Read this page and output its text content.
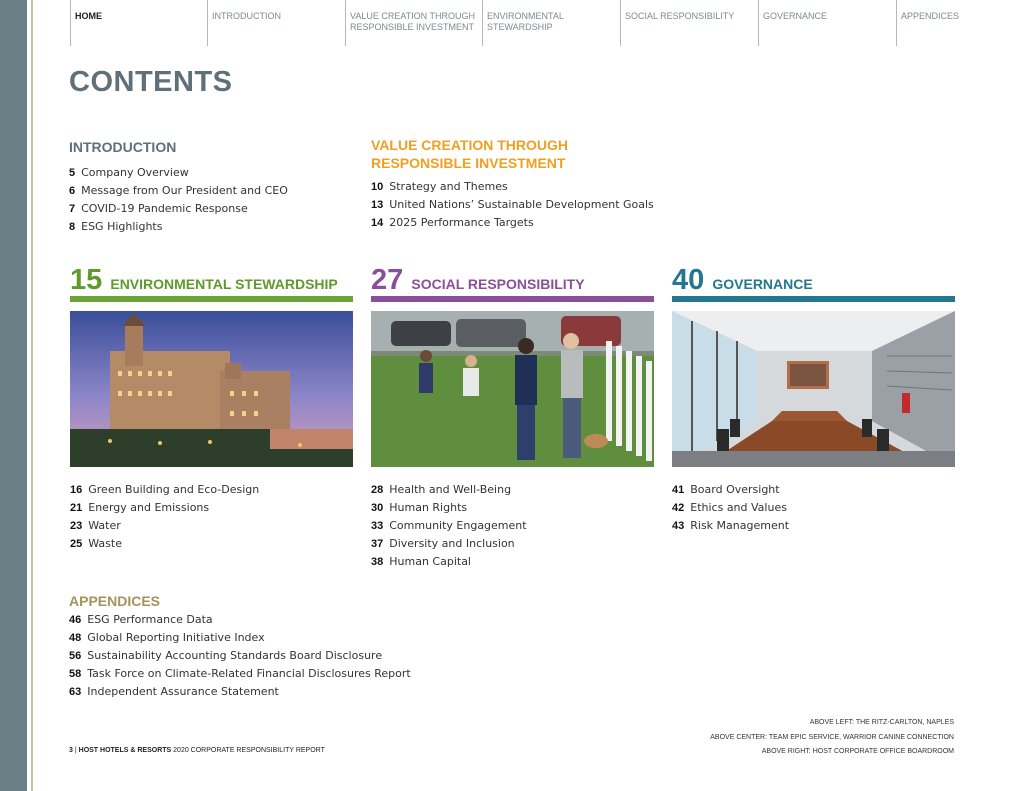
HOME	INTRODUCTION	VALUE CREATION THROUGH RESPONSIBLE INVESTMENT
ENVIRONMENTAL STEWARDSHIP
SOCIAL RESPONSIBILITY	GOVERNANCE	APPENDICES
CONTENTS
INTRODUCTION
5 Company Overview
6 Message from Our President and CEO
7 COVID-19 Pandemic Response
8 ESG Highlights
VALUE CREATION THROUGH
RESPONSIBLE INVESTMENT
10 Strategy and Themes
13 United Nations’ Sustainable Development Goals
14 2025 Performance Targets
15 ENVIRONMENTAL STEWARDSHIP
16 Green Building and Eco-Design
21 Energy and Emissions
23 Water
25 Waste
27 SOCIAL RESPONSIBILITY
28 Health and Well-Being
30 Human Rights
33 Community Engagement
37 Diversity and Inclusion
38 Human Capital
40 GOVERNANCE
41 Board Oversight
42 Ethics and Values
43 Risk Management
APPENDICES
46 ESG Performance Data
48 Global Reporting Initiative Index
56 Sustainability Accounting Standards Board Disclosure
58 Task Force on Climate-Related Financial Disclosures Report
63 Independent Assurance Statement
ABOVE LEFT: THE RITZ-CARLTON, NAPLES
ABOVE CENTER: TEAM EPIC SERVICE, WARRIOR CANINE CONNECTION
ABOVE RIGHT: HOST CORPORATE OFFICE BOARDROOM
3 | HOST HOTELS & RESORTS 2020 CORPORATE RESPONSIBILITY REPORT
